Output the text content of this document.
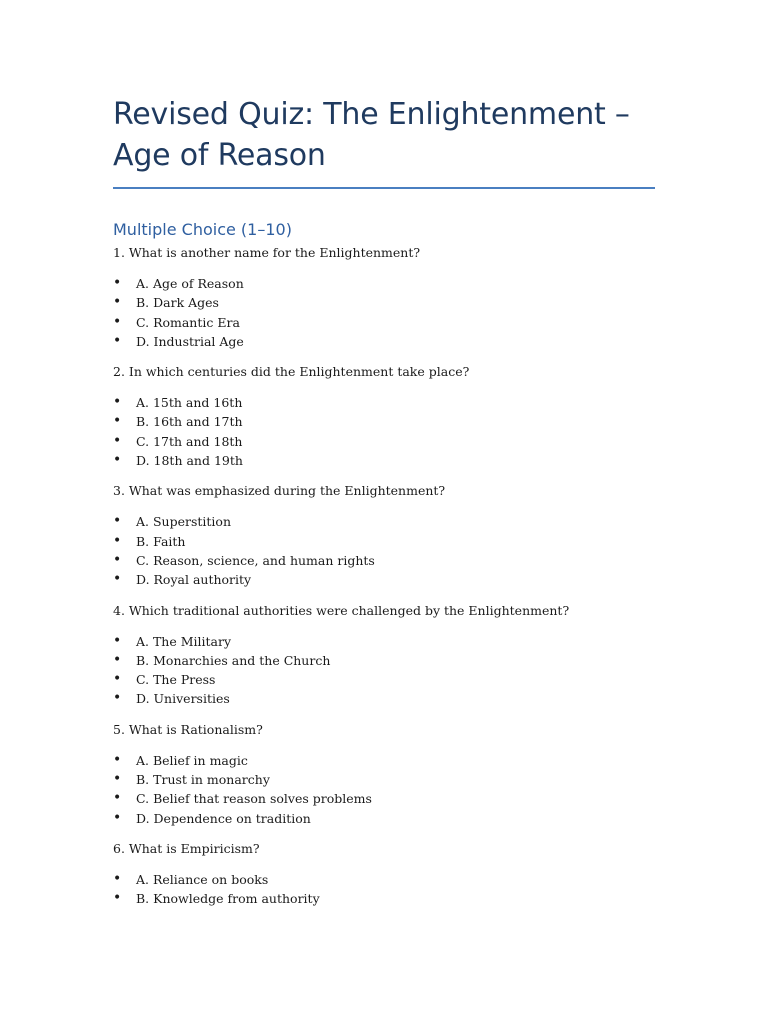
Revised Quiz: The Enlightenment – Age of Reason
Multiple Choice (1–10)

1. What is another name for the Enlightenment?

• A. Age of Reason
• B. Dark Ages
• C. Romantic Era
• D. Industrial Age

2. In which centuries did the Enlightenment take place?

• A. 15th and 16th
• B. 16th and 17th
• C. 17th and 18th
• D. 18th and 19th

3. What was emphasized during the Enlightenment?

• A. Superstition
• B. Faith
• C. Reason, science, and human rights
• D. Royal authority

4. Which traditional authorities were challenged by the Enlightenment?

• A. The Military
• B. Monarchies and the Church
• C. The Press
• D. Universities

5. What is Rationalism?

• A. Belief in magic
• B. Trust in monarchy
• C. Belief that reason solves problems
• D. Dependence on tradition

6. What is Empiricism?

• A. Reliance on books
• B. Knowledge from authority
